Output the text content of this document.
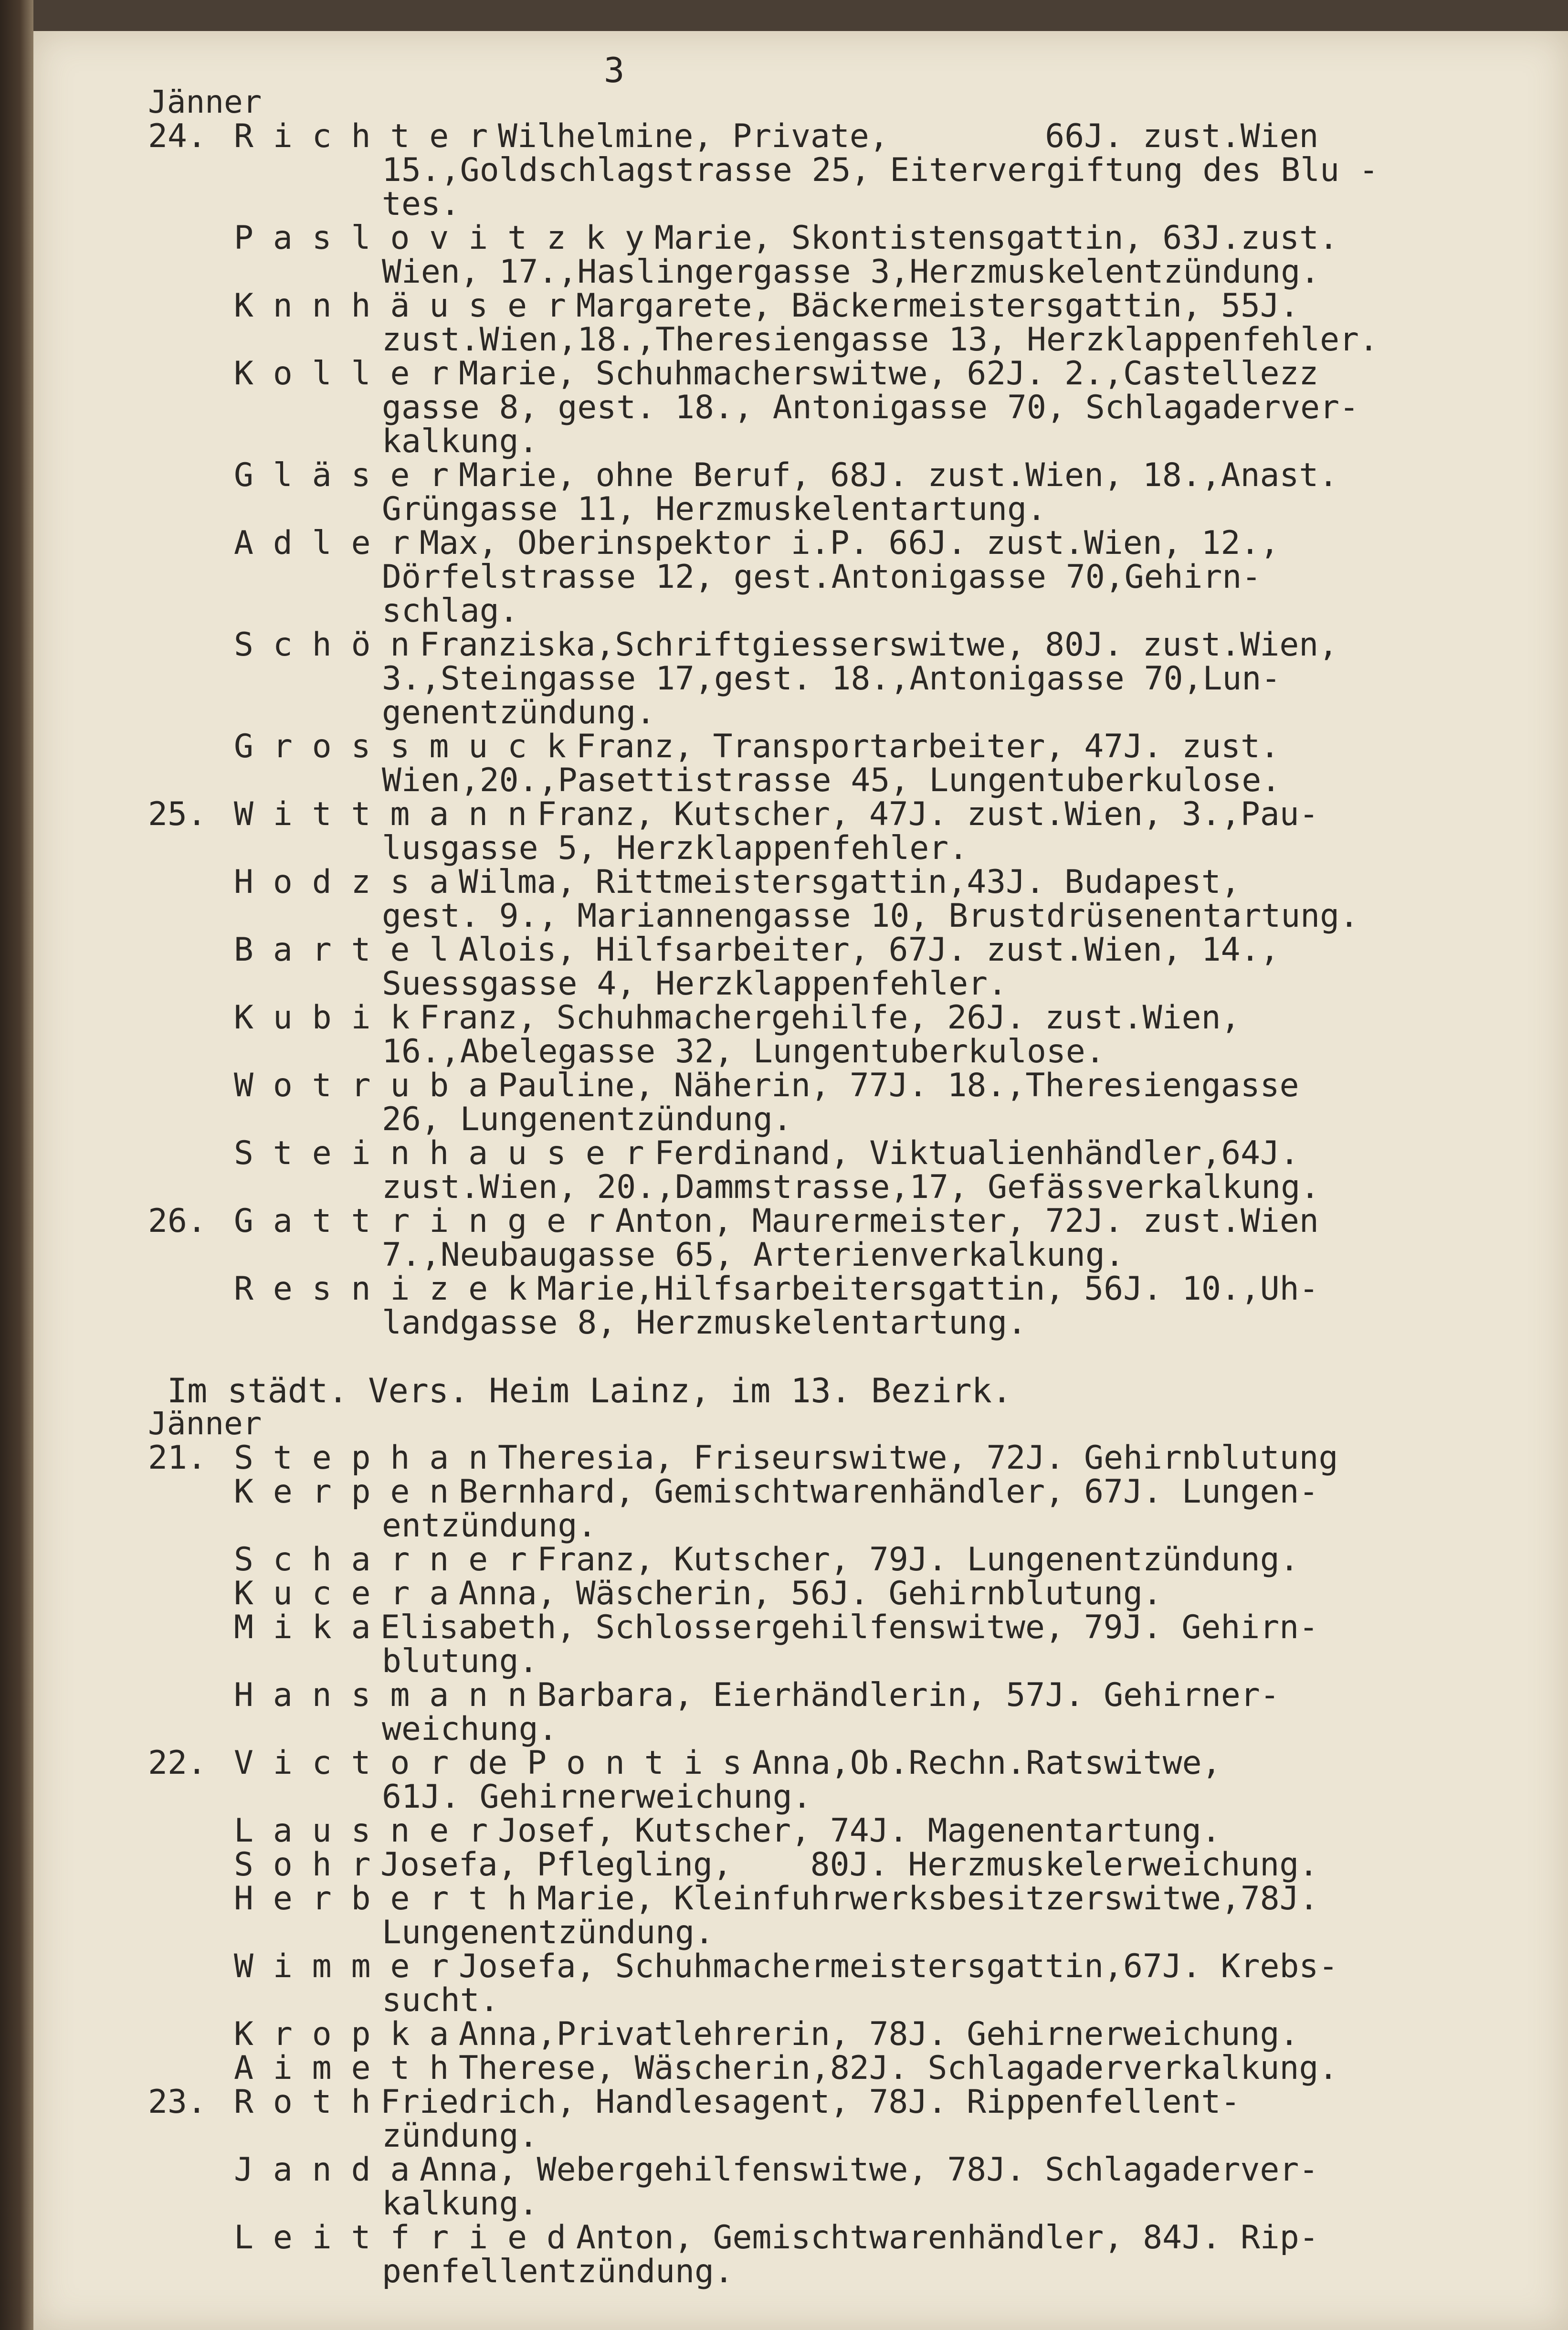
3
Jänner
24. R i c h t e r Wilhelmine, Private,        66J. zust.Wien
15.,Goldschlagstrasse 25, Eitervergiftung des Blu -
tes.
P a s l o v i t z k y Marie, Skontistensgattin, 63J.zust.
Wien, 17.,Haslingergasse 3,Herzmuskelentzündung.
K n n h ä u s e r Margarete, Bäckermeistersgattin, 55J.
zust.Wien,18.,Theresiengasse 13, Herzklappenfehler.
K o l l e r Marie, Schuhmacherswitwe, 62J. 2.,Castellezz
gasse 8, gest. 18., Antonigasse 70, Schlagaderver-
kalkung.
G l ä s e r Marie, ohne Beruf, 68J. zust.Wien, 18.,Anast.
Grüngasse 11, Herzmuskelentartung.
A d l e r Max, Oberinspektor i.P. 66J. zust.Wien, 12.,
Dörfelstrasse 12, gest.Antonigasse 70,Gehirn-
schlag.
S c h ö n Franziska,Schriftgiesserswitwe, 80J. zust.Wien,
3.,Steingasse 17,gest. 18.,Antonigasse 70,Lun-
genentzündung.
G r o s s m u c k Franz, Transportarbeiter, 47J. zust.
Wien,20.,Pasettistrasse 45, Lungentuberkulose.
25. W i t t m a n n Franz, Kutscher, 47J. zust.Wien, 3.,Pau-
lusgasse 5, Herzklappenfehler.
H o d z s a Wilma, Rittmeistersgattin,43J. Budapest,
gest. 9., Mariannengasse 10, Brustdrüsenentartung.
B a r t e l Alois, Hilfsarbeiter, 67J. zust.Wien, 14.,
Suessgasse 4, Herzklappenfehler.
K u b i k Franz, Schuhmachergehilfe, 26J. zust.Wien,
16.,Abelegasse 32, Lungentuberkulose.
W o t r u b a Pauline, Näherin, 77J. 18.,Theresiengasse
26, Lungenentzündung.
S t e i n h a u s e r Ferdinand, Viktualienhändler,64J.
zust.Wien, 20.,Dammstrasse,17, Gefässverkalkung.
26. G a t t r i n g e r Anton, Maurermeister, 72J. zust.Wien
7.,Neubaugasse 65, Arterienverkalkung.
R e s n i z e k Marie,Hilfsarbeitersgattin, 56J. 10.,Uh-
landgasse 8, Herzmuskelentartung.
Im städt. Vers. Heim Lainz, im 13. Bezirk.
Jänner
21. S t e p h a n Theresia, Friseurswitwe, 72J. Gehirnblutung
K e r p e n Bernhard, Gemischtwarenhändler, 67J. Lungen-
entzündung.
S c h a r n e r Franz, Kutscher, 79J. Lungenentzündung.
K u c e r a Anna, Wäscherin, 56J. Gehirnblutung.
M i k a Elisabeth, Schlossergehilfenswitwe, 79J. Gehirn-
blutung.
H a n s m a n n Barbara, Eierhändlerin, 57J. Gehirner-
weichung.
22. V i c t o r de P o n t i s Anna,Ob.Rechn.Ratswitwe,
61J. Gehirnerweichung.
L a u s n e r Josef, Kutscher, 74J. Magenentartung.
S o h r Josefa, Pflegling,    80J. Herzmuskelerweichung.
H e r b e r t h Marie, Kleinfuhrwerksbesitzerswitwe,78J.
Lungenentzündung.
W i m m e r Josefa, Schuhmachermeistersgattin,67J. Krebs-
sucht.
K r o p k a Anna,Privatlehrerin, 78J. Gehirnerweichung.
A i m e t h Therese, Wäscherin,82J. Schlagaderverkalkung.
23. R o t h Friedrich, Handlesagent, 78J. Rippenfellent-
zündung.
J a n d a Anna, Webergehilfenswitwe, 78J. Schlagaderver-
kalkung.
L e i t f r i e d Anton, Gemischtwarenhändler, 84J. Rip-
penfellentzündung.
